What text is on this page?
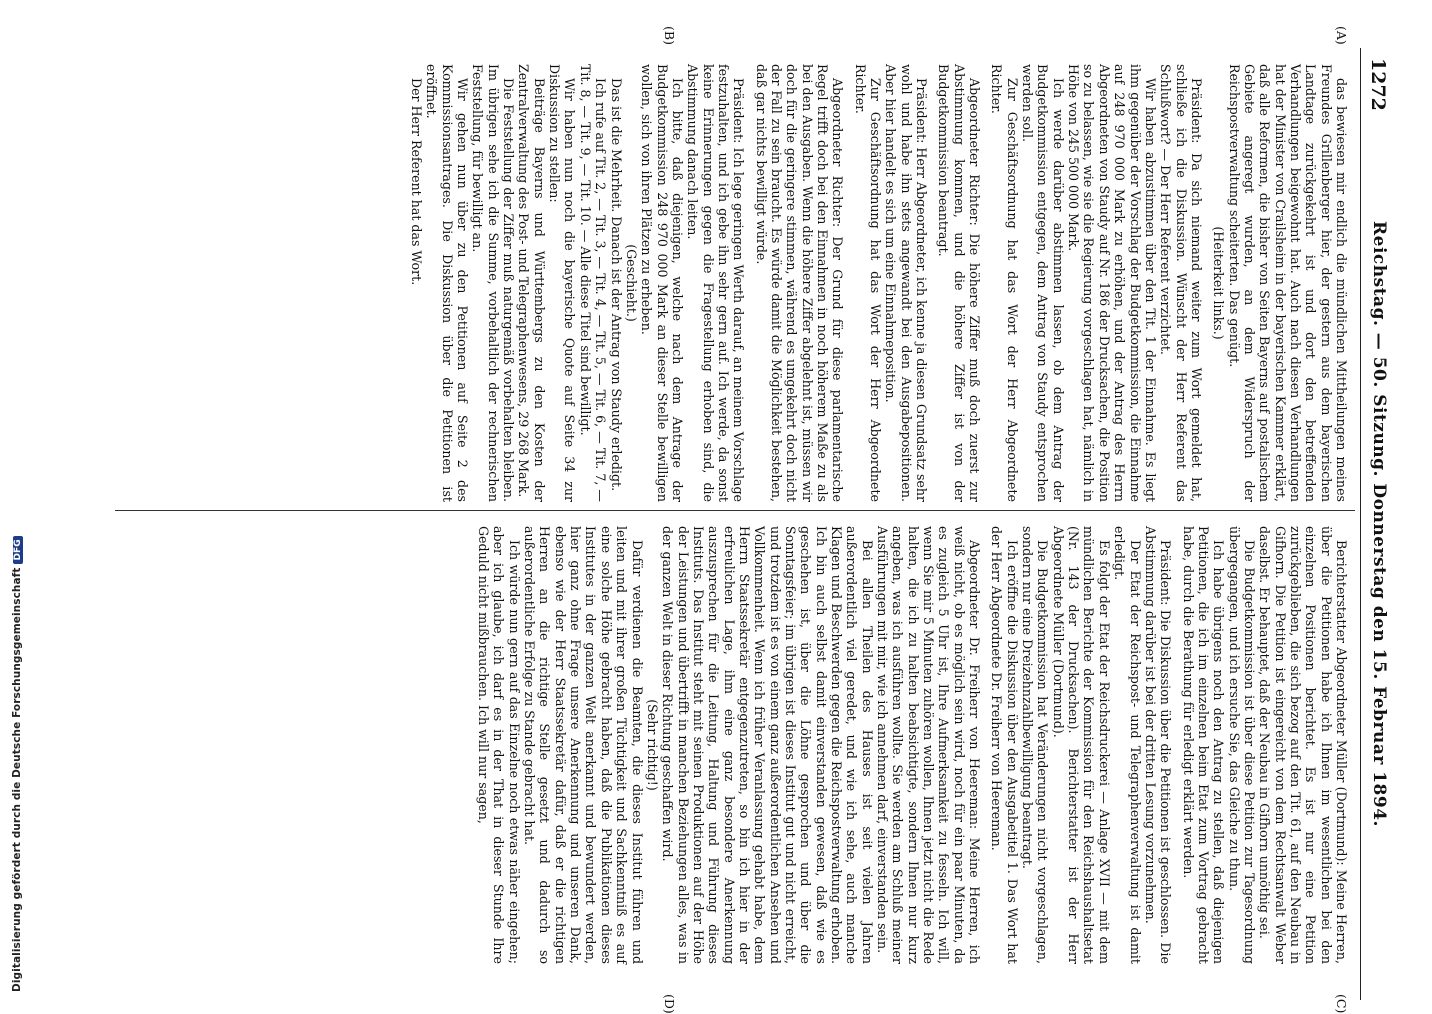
Digitalisierung gefördert durch die Deutsche ForschungsgemeinschaftDFG
1272
Reichstag. — 50. Sitzung. Donnerstag den 15. Februar 1894.
(A)
(B)
(C)
(D)

das bewiesen mir endlich die mündlichen Mittheilungen meines Freundes Grillenberger hier, der gestern aus dem bayerischen Landtage zurückgekehrt ist und dort den betreffenden Verhandlungen beigewohnt hat. Auch nach diesen Verhandlungen hat der Minister von Crailsheim in der bayerischen Kammer erklärt, daß alle Reformen, die bisher von Seiten Bayerns auf postalischem Gebiete angeregt wurden, an dem Widerspruch der Reichspostverwaltung scheiterten. Das genügt.

(Heiterkeit links.)

Präsident: Da sich niemand weiter zum Wort gemeldet hat, schließe ich die Diskussion. Wünscht der Herr Referent das Schlußwort? — Der Herr Referent verzichtet.

Wir haben abzustimmen über den Tit. 1 der Einnahme. Es liegt ihm gegenüber der Vorschlag der Budgetkommission, die Einnahme auf 248 970 000 Mark zu erhöhen, und der Antrag des Herrn Abgeordneten von Staudy auf Nr. 186 der Drucksachen, die Position so zu belassen, wie sie die Regierung vorgeschlagen hat, nämlich in Höhe von 245 500 000 Mark.

Ich werde darüber abstimmen lassen, ob dem Antrag der Budgetkommission entgegen, dem Antrag von Staudy entsprochen werden soll.

Zur Geschäftsordnung hat das Wort der Herr Abgeordnete Richter.

Abgeordneter Richter: Die höhere Ziffer muß doch zuerst zur Abstimmung kommen, und die höhere Ziffer ist von der Budgetkommission beantragt.

Präsident: Herr Abgeordneter, ich kenne ja diesen Grundsatz sehr wohl und habe ihn stets angewandt bei den Ausgabepositionen. Aber hier handelt es sich um eine Einnahmeposition.

Zur Geschäftsordnung hat das Wort der Herr Abgeordnete Richter.

Abgeordneter Richter: Der Grund für diese parlamentarische Regel trifft doch bei den Einnahmen in noch höherem Maße zu als bei den Ausgaben. Wenn die höhere Ziffer abgelehnt ist, müssen wir doch für die geringere stimmen, während es umgekehrt doch nicht der Fall zu sein braucht. Es würde damit die Möglichkeit bestehen, daß gar nichts bewilligt würde.

Präsident: Ich lege geringen Werth darauf, an meinem Vorschlage festzuhalten, und ich gebe ihn sehr gern auf. Ich werde, da sonst keine Erinnerungen gegen die Fragestellung erhoben sind, die Abstimmung danach leiten.

Ich bitte, daß diejenigen, welche nach dem Antrage der Budgetkommission 248 970 000 Mark an dieser Stelle bewilligen wollen, sich von ihren Plätzen zu erheben.

(Geschieht.)

Das ist die Mehrheit. Danach ist der Antrag von Staudy erledigt.

Ich rufe auf Tit. 2, — Tit. 3, — Tit. 4, — Tit. 5, — Tit. 6, — Tit. 7, — Tit. 8, — Tit. 9, — Tit. 10. — Alle diese Titel sind bewilligt.

Wir haben nun noch die bayerische Quote auf Seite 34 zur Diskussion zu stellen:

Beiträge Bayerns und Württembergs zu den Kosten der Zentralverwaltung des Post- und Telegraphenwesens, 29 268 Mark.

Die Feststellung der Ziffer muß naturgemäß vorbehalten bleiben. Im übrigen sehe ich die Summe, vorbehaltlich der rechnerischen Feststellung, für bewilligt an.

Wir gehen nun über zu den Petitionen auf Seite 2 des Kommissionsantrages. Die Diskussion über die Petitionen ist eröffnet.

Der Herr Referent hat das Wort.

Berichterstatter Abgeordneter Müller (Dortmund): Meine Herren, über die Petitionen habe ich Ihnen im wesentlichen bei den einzelnen Positionen berichtet. Es ist nur eine Petition zurückgeblieben, die sich bezog auf den Tit. 61, auf den Neubau in Gifhorn. Die Petition ist eingereicht von dem Rechtsanwalt Weber daselbst. Er behauptet, daß der Neubau in Gifhorn unnöthig sei.

Die Budgetkommission ist über diese Petition zur Tagesordnung übergegangen, und ich ersuche Sie, das Gleiche zu thun.

Ich habe übrigens noch den Antrag zu stellen, daß diejenigen Petitionen, die ich im einzelnen beim Etat zum Vortrag gebracht habe, durch die Berathung für erledigt erklärt werden.

Präsident: Die Diskussion über die Petitionen ist geschlossen. Die Abstimmung darüber ist bei der dritten Lesung vorzunehmen.

Der Etat der Reichspost- und Telegraphenverwaltung ist damit erledigt.

Es folgt der Etat der Reichsdruckerei — Anlage XVII — mit dem mündlichen Berichte der Kommission für den Reichshaushaltsetat (Nr. 143 der Drucksachen). Berichterstatter ist der Herr Abgeordnete Müller (Dortmund).

Die Budgetkommission hat Veränderungen nicht vorgeschlagen, sondern nur eine Dreizehnzahlbewilligung beantragt.

Ich eröffne die Diskussion über den Ausgabetitel 1. Das Wort hat der Herr Abgeordnete Dr. Freiherr von Heereman.

Abgeordneter Dr. Freiherr von Heereman: Meine Herren, ich weiß nicht, ob es möglich sein wird, noch für ein paar Minuten, da es zugleich 5 Uhr ist, Ihre Aufmerksamkeit zu fesseln. Ich will, wenn Sie mir 5 Minuten zuhören wollen, Ihnen jetzt nicht die Rede halten, die ich zu halten beabsichtigte, sondern Ihnen nur kurz angeben, was ich ausführen wollte. Sie werden am Schluß meiner Ausführungen mit mir, wie ich annehmen darf, einverstanden sein.

Bei allen Theilen des Hauses ist seit vielen Jahren außerordentlich viel geredet, und wie ich sehe, auch manche Klagen und Beschwerden gegen die Reichspostverwaltung erhoben. Ich bin auch selbst damit einverstanden gewesen, daß wie es geschehen ist, über die Löhne gesprochen und über die Sonntagsfeier; im übrigen ist dieses Institut gut und nicht erreicht, und trotzdem ist es von einem ganz außerordentlichen Ansehen und Vollkommenheit. Wenn ich früher Veranlassung gehabt habe, dem Herrn Staatssekretär entgegenzutreten, so bin ich hier in der erfreulichen Lage, ihm eine ganz besondere Anerkennung auszusprechen für die Leitung, Haltung und Führung dieses Instituts. Das Institut steht mit seinen Produktionen auf der Höhe der Leistungen und übertrifft in manchen Beziehungen alles, was in der ganzen Welt in dieser Richtung geschaffen wird.

(Sehr richtig!)

Dafür verdienen die Beamten, die dieses Institut führen und leiten und mit ihrer großen Tüchtigkeit und Sachkenntniß es auf eine solche Höhe gebracht haben, daß die Publikationen dieses Institutes in der ganzen Welt anerkannt und bewundert werden, hier ganz ohne Frage unsere Anerkennung und unseren Dank, ebenso wie der Herr Staatssekretär dafür, daß er die richtigen Herren an die richtige Stelle gesetzt und dadurch so außerordentliche Erfolge zu Stande gebracht hat.

Ich würde nun gern auf das Einzelne noch etwas näher eingehen; aber ich glaube, ich darf es in der That in dieser Stunde Ihre Geduld nicht mißbrauchen. Ich will nur sagen,
